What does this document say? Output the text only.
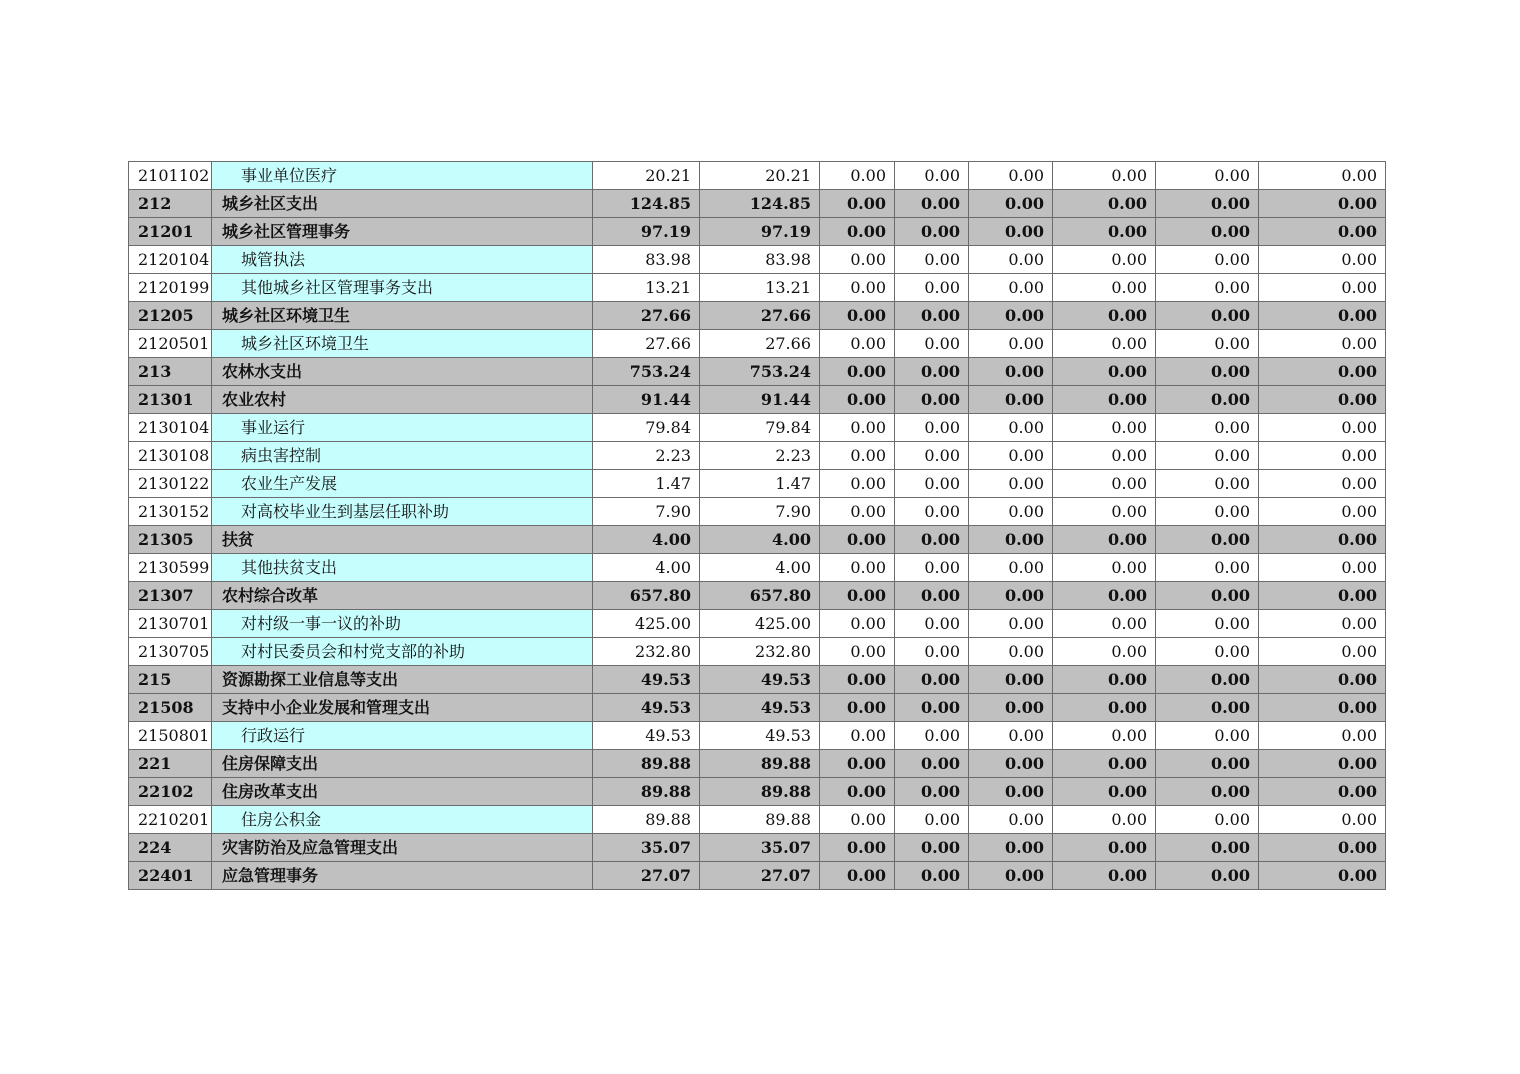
2101102	事业单位医疗	20.21	20.21	0.00	0.00	0.00	0.00	0.00	0.00
212	城乡社区支出	124.85	124.85	0.00	0.00	0.00	0.00	0.00	0.00
21201	城乡社区管理事务	97.19	97.19	0.00	0.00	0.00	0.00	0.00	0.00
2120104	城管执法	83.98	83.98	0.00	0.00	0.00	0.00	0.00	0.00
2120199	其他城乡社区管理事务支出	13.21	13.21	0.00	0.00	0.00	0.00	0.00	0.00
21205	城乡社区环境卫生	27.66	27.66	0.00	0.00	0.00	0.00	0.00	0.00
2120501	城乡社区环境卫生	27.66	27.66	0.00	0.00	0.00	0.00	0.00	0.00
213	农林水支出	753.24	753.24	0.00	0.00	0.00	0.00	0.00	0.00
21301	农业农村	91.44	91.44	0.00	0.00	0.00	0.00	0.00	0.00
2130104	事业运行	79.84	79.84	0.00	0.00	0.00	0.00	0.00	0.00
2130108	病虫害控制	2.23	2.23	0.00	0.00	0.00	0.00	0.00	0.00
2130122	农业生产发展	1.47	1.47	0.00	0.00	0.00	0.00	0.00	0.00
2130152	对高校毕业生到基层任职补助	7.90	7.90	0.00	0.00	0.00	0.00	0.00	0.00
21305	扶贫	4.00	4.00	0.00	0.00	0.00	0.00	0.00	0.00
2130599	其他扶贫支出	4.00	4.00	0.00	0.00	0.00	0.00	0.00	0.00
21307	农村综合改革	657.80	657.80	0.00	0.00	0.00	0.00	0.00	0.00
2130701	对村级一事一议的补助	425.00	425.00	0.00	0.00	0.00	0.00	0.00	0.00
2130705	对村民委员会和村党支部的补助	232.80	232.80	0.00	0.00	0.00	0.00	0.00	0.00
215	资源勘探工业信息等支出	49.53	49.53	0.00	0.00	0.00	0.00	0.00	0.00
21508	支持中小企业发展和管理支出	49.53	49.53	0.00	0.00	0.00	0.00	0.00	0.00
2150801	行政运行	49.53	49.53	0.00	0.00	0.00	0.00	0.00	0.00
221	住房保障支出	89.88	89.88	0.00	0.00	0.00	0.00	0.00	0.00
22102	住房改革支出	89.88	89.88	0.00	0.00	0.00	0.00	0.00	0.00
2210201	住房公积金	89.88	89.88	0.00	0.00	0.00	0.00	0.00	0.00
224	灾害防治及应急管理支出	35.07	35.07	0.00	0.00	0.00	0.00	0.00	0.00
22401	应急管理事务	27.07	27.07	0.00	0.00	0.00	0.00	0.00	0.00
